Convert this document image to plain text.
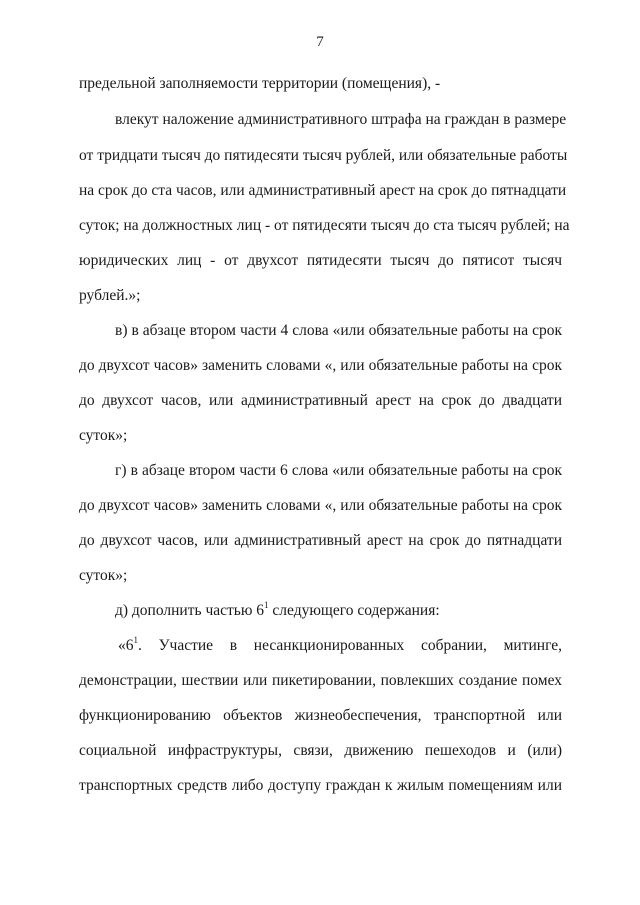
7
предельной заполняемости территории (помещения), -
влекут наложение административного штрафа на граждан в размере
от тридцати тысяч до пятидесяти тысяч рублей, или обязательные работы
на срок до ста часов, или административный арест на срок до пятнадцати
суток; на должностных лиц - от пятидесяти тысяч до ста тысяч рублей; на
юридических лиц - от двухсот пятидесяти тысяч до пятисот тысяч
рублей.»;
в) в абзаце втором части 4 слова «или обязательные работы на срок
до двухсот часов» заменить словами «, или обязательные работы на срок
до двухсот часов, или административный арест на срок до двадцати
суток»;
г) в абзаце втором части 6 слова «или обязательные работы на срок
до двухсот часов» заменить словами «, или обязательные работы на срок
до двухсот часов, или административный арест на срок до пятнадцати
суток»;
д) дополнить частью $6^1$ следующего содержания:
«$6^1$. Участие в несанкционированных собрании, митинге,
демонстрации, шествии или пикетировании, повлекших создание помех
функционированию объектов жизнеобеспечения, транспортной или
социальной инфраструктуры, связи, движению пешеходов и (или)
транспортных средств либо доступу граждан к жилым помещениям или
